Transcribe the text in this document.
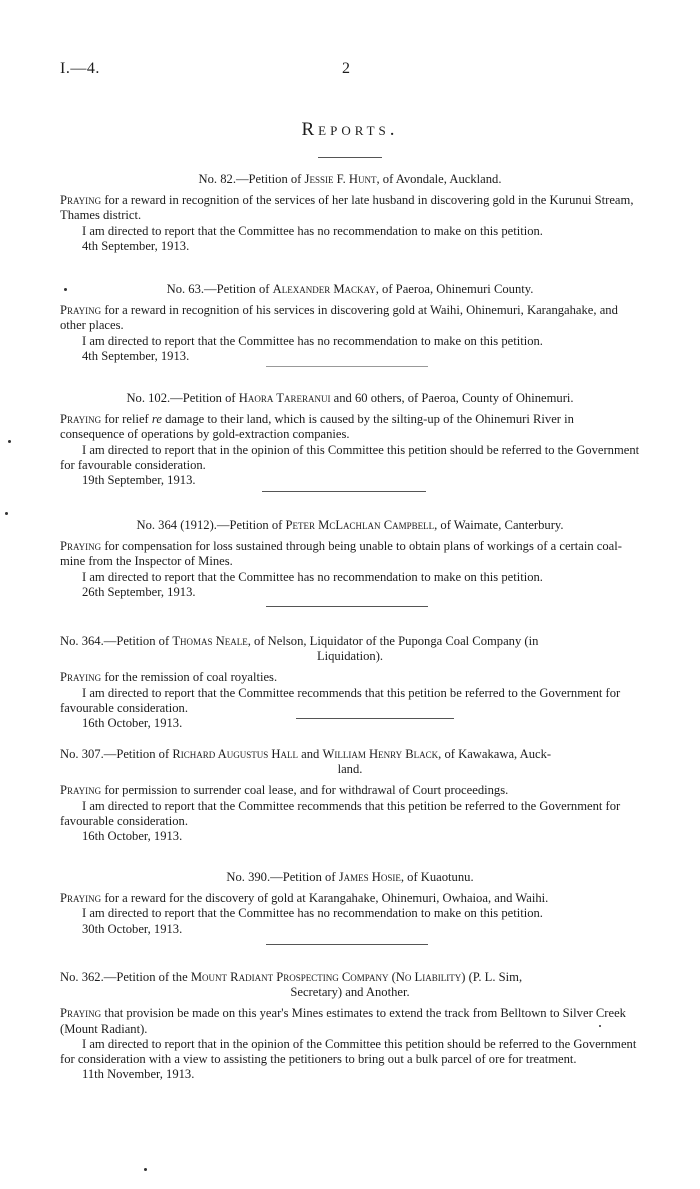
I.—4.	2
Reports.
No. 82.—Petition of Jessie F. Hunt, of Avondale, Auckland.

Praying for a reward in recognition of the services of her late husband in discovering gold in the Kurunui Stream, Thames district.

I am directed to report that the Committee has no recommendation to make on this petition.

4th September, 1913.

No. 63.—Petition of Alexander Mackay, of Paeroa, Ohinemuri County.

Praying for a reward in recognition of his services in discovering gold at Waihi, Ohinemuri, Karangahake, and other places.

I am directed to report that the Committee has no recommendation to make on this petition.

4th September, 1913.

No. 102.—Petition of Haora Tareranui and 60 others, of Paeroa, County of Ohinemuri.

Praying for relief re damage to their land, which is caused by the silting-up of the Ohinemuri River in consequence of operations by gold-extraction companies.

I am directed to report that in the opinion of this Committee this petition should be referred to the Government for favourable consideration.

19th September, 1913.

No. 364 (1912).—Petition of Peter McLachlan Campbell, of Waimate, Canterbury.

Praying for compensation for loss sustained through being unable to obtain plans of workings of a certain coal-mine from the Inspector of Mines.

I am directed to report that the Committee has no recommendation to make on this petition.

26th September, 1913.

No. 364.—Petition of Thomas Neale, of Nelson, Liquidator of the Puponga Coal Company (in
Liquidation).

Praying for the remission of coal royalties.

I am directed to report that the Committee recommends that this petition be referred to the Government for favourable consideration.

16th October, 1913.

No. 307.—Petition of Richard Augustus Hall and William Henry Black, of Kawakawa, Auck-
land.

Praying for permission to surrender coal lease, and for withdrawal of Court proceedings.

I am directed to report that the Committee recommends that this petition be referred to the Government for favourable consideration.

16th October, 1913.

No. 390.—Petition of James Hosie, of Kuaotunu.

Praying for a reward for the discovery of gold at Karangahake, Ohinemuri, Owhaioa, and Waihi.

I am directed to report that the Committee has no recommendation to make on this petition.

30th October, 1913.

No. 362.—Petition of the Mount Radiant Prospecting Company (No Liability) (P. L. Sim,
Secretary) and Another.

Praying that provision be made on this year's Mines estimates to extend the track from Belltown to Silver Creek (Mount Radiant).

I am directed to report that in the opinion of the Committee this petition should be referred to the Government for consideration with a view to assisting the petitioners to bring out a bulk parcel of ore for treatment.

11th November, 1913.
